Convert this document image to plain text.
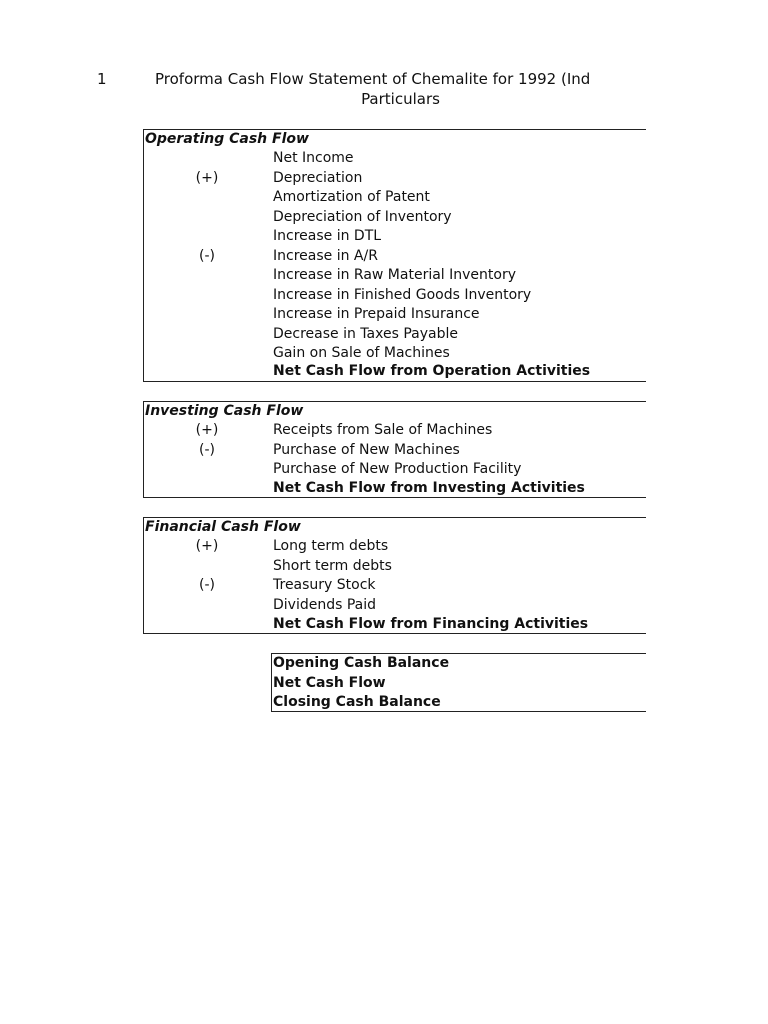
1	Proforma Cash Flow Statement of Chemalite for 1992 (Ind
Particulars
Operating Cash Flow
Net Income
(+)	Depreciation
Amortization of Patent
Depreciation of Inventory
Increase in DTL
(-)	Increase in A/R
Increase in Raw Material Inventory
Increase in Finished Goods Inventory
Increase in Prepaid Insurance
Decrease in Taxes Payable
Gain on Sale of Machines
Net Cash Flow from Operation Activities
Investing Cash Flow
(+)	Receipts from Sale of Machines
(-)	Purchase of New Machines
Purchase of New Production Facility
Net Cash Flow from Investing Activities
Financial Cash Flow
(+)	Long term debts
Short term debts
(-)	Treasury Stock
Dividends Paid
Net Cash Flow from Financing Activities
Opening Cash Balance
Net Cash Flow
Closing Cash Balance
